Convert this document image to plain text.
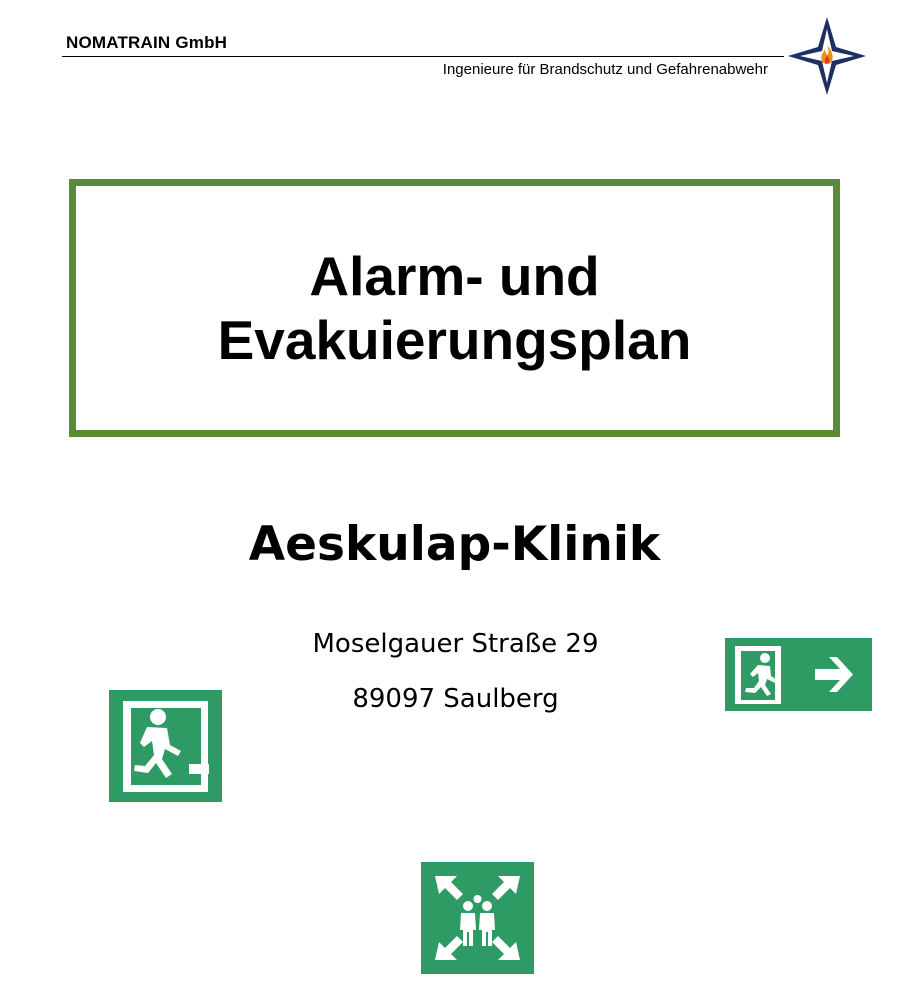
NOMATRAIN GmbH
Ingenieure für Brandschutz und Gefahrenabwehr
Alarm- und
Evakuierungsplan
Aeskulap-Klinik
Moselgauer Straße 29
89097 Saulberg
